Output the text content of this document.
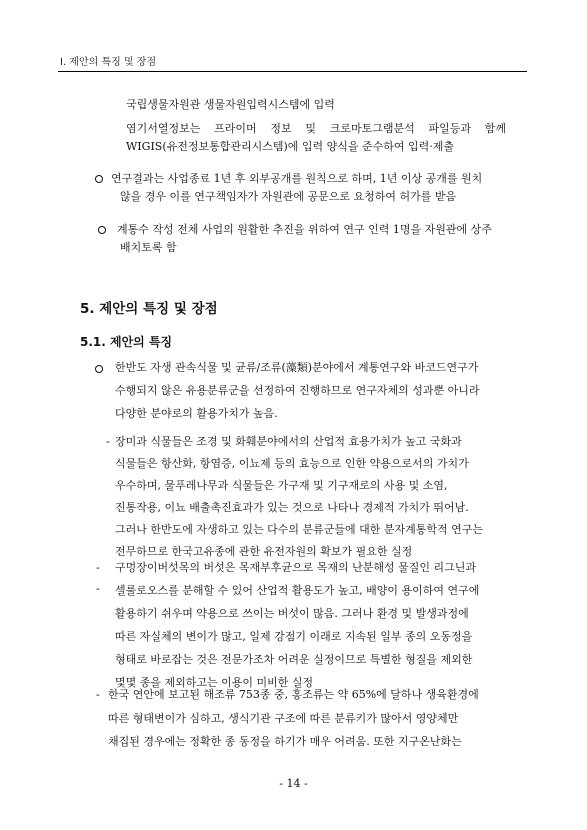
I. 제안의 특징 및 장점
국립생물자원관 생물자원입력시스템에 입력
-
염기서열정보는 프라이머 정보 및 크로마토그램분석 파일등과 함께
WIGIS(유전정보통합관리시스템)에 입력 양식을 준수하여 입력·제출
연구결과는 사업종료 1년 후 외부공개를 원칙으로 하며, 1년 이상 공개를 원치
않을 경우 이를 연구책임자가 자원관에 공문으로 요청하여 허가를 받음
계통수 작성 전체 사업의 원활한 추진을 위하여 연구 인력 1명을 자원관에 상주
배치토록 함
5. 제안의 특징 및 장점
5.1. 제안의 특징
한반도 자생 관속식물 및 균류/조류(藻類)분야에서 계통연구와 바코드연구가
수행되지 않은 유용분류군을 선정하여 진행하므로 연구자체의 성과뿐 아니라
다양한 분야로의 활용가치가 높음.
-
장미과 식물들은 조경 및 화훼분야에서의 산업적 효용가치가 높고 국화과
식물들은 항산화, 항염증, 이뇨제 등의 효능으로 인한 약용으로서의 가치가
우수하며, 물푸레나무과 식물들은 가구재 및 기구재로의 사용 및 소염,
진통작용, 이뇨 배출촉진효과가 있는 것으로 나타나 경제적 가치가 뛰어남.
그러나 한반도에 자생하고 있는 다수의 분류군들에 대한 분자계통학적 연구는
전무하므로 한국고유종에 관한 유전자원의 확보가 필요한 실정
-
구멍장이버섯목의 버섯은 목재부후균으로 목재의 난분해성 물질인 리그닌과
셀룰로오스를 분해할 수 있어 산업적 활용도가 높고, 배양이 용이하여 연구에
활용하기 쉬우며 약용으로 쓰이는 버섯이 많음. 그러나 환경 및 발생과정에
따른 자실체의 변이가 많고, 일제 강점기 이래로 지속된 일부 종의 오동정을
형태로 바로잡는 것은 전문가조차 어려운 실정이므로 특별한 형질을 제외한
몇몇 종을 제외하고는 이용이 미비한 실정
- 한국 연안에 보고된 해조류 753종 중, 홍조류는 약 65%에 달하나 생육환경에
- 14 -
따른 형태변이가 심하고, 생식기관 구조에 따른 분류키가 많아서 영양체만
채집된 경우에는 정확한 종 동정을 하기가 매우 어려움. 또한 지구온난화는
